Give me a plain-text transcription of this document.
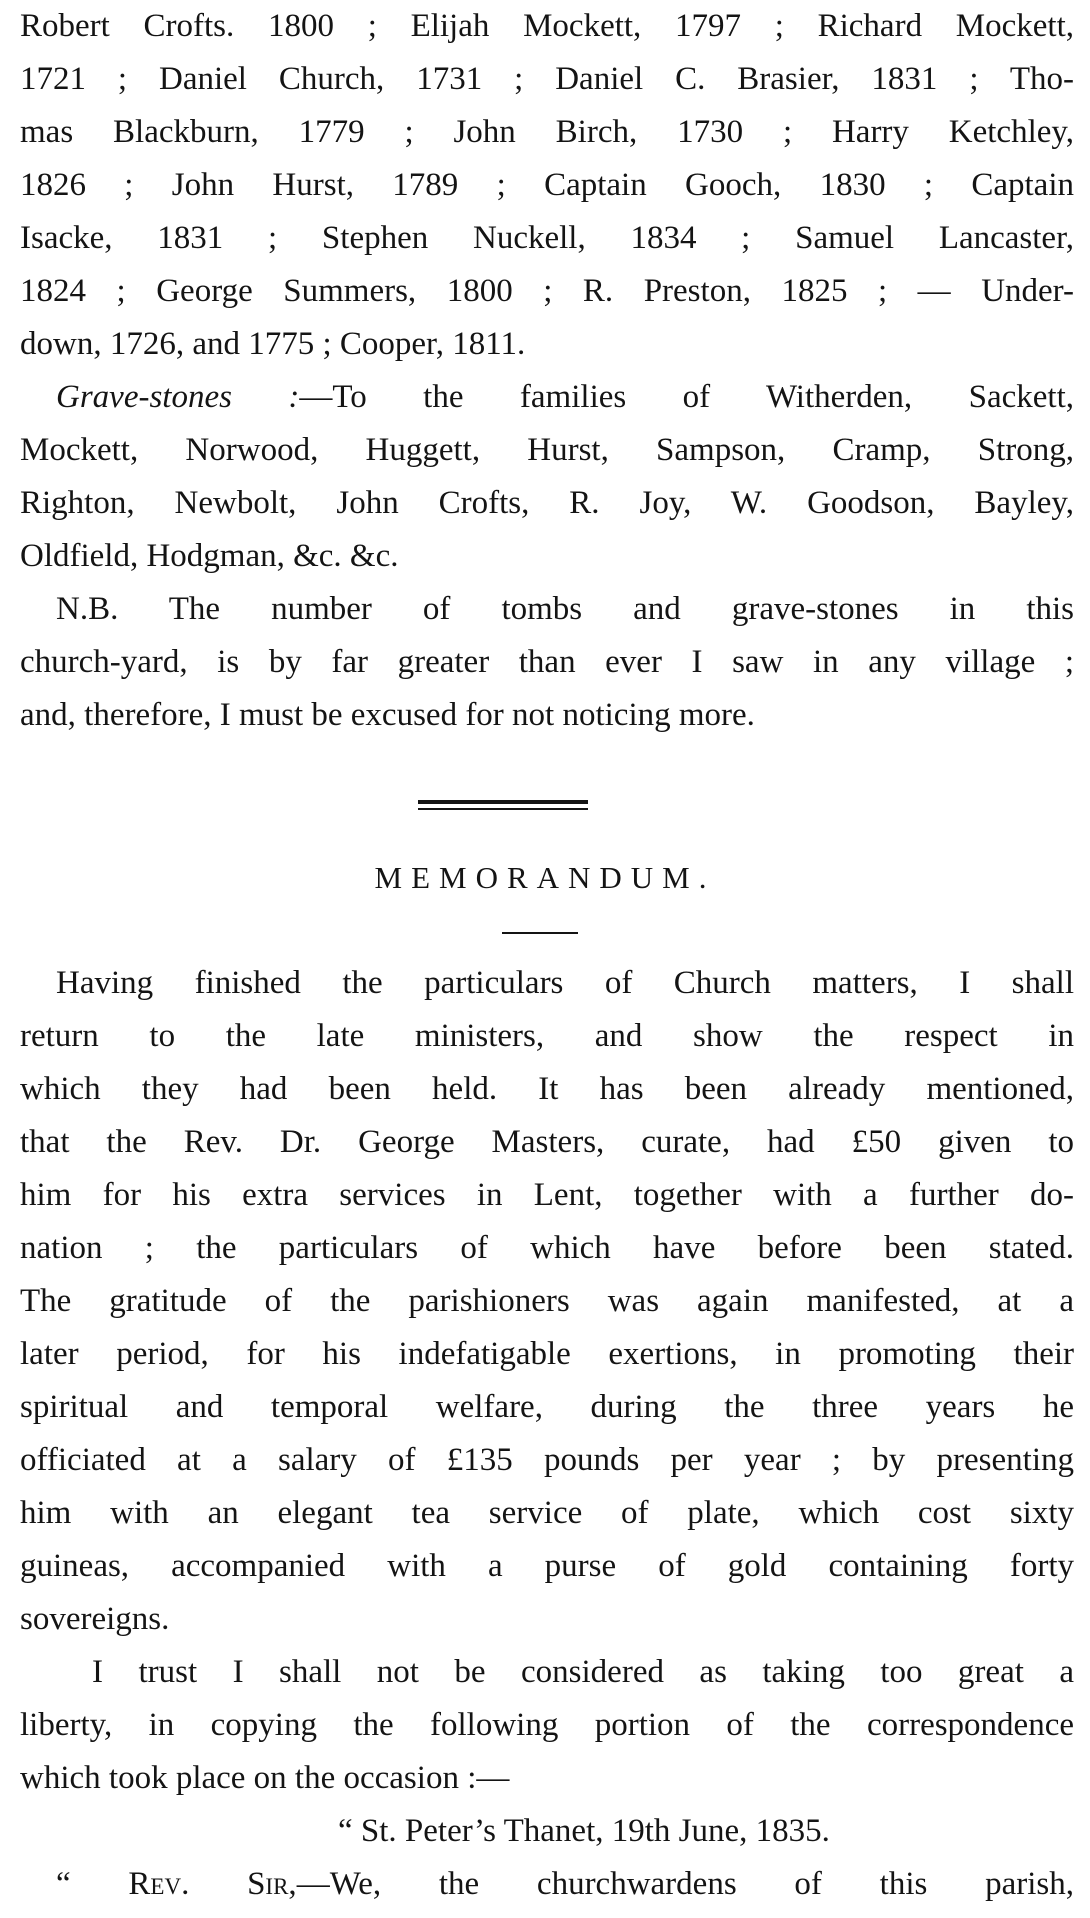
Robert Crofts. 1800 ; Elijah Mockett, 1797 ; Richard Mockett,
1721 ; Daniel Church, 1731 ; Daniel C. Brasier, 1831 ; Tho-
mas Blackburn, 1779 ; John Birch, 1730 ; Harry Ketchley,
1826 ; John Hurst, 1789 ; Captain Gooch, 1830 ; Captain
Isacke, 1831 ; Stephen Nuckell, 1834 ; Samuel Lancaster,
1824 ; George Summers, 1800 ; R. Preston, 1825 ; — Under-
down, 1726, and 1775 ; Cooper, 1811.
Grave-stones :—To the families of Witherden, Sackett,
Mockett, Norwood, Huggett, Hurst, Sampson, Cramp, Strong,
Righton, Newbolt, John Crofts, R. Joy, W. Goodson, Bayley,
Oldfield, Hodgman, &c. &c.
N.B. The number of tombs and grave-stones in this
church-yard, is by far greater than ever I saw in any village ;
and, therefore, I must be excused for not noticing more.
MEMORANDUM.
Having finished the particulars of Church matters, I shall
return to the late ministers, and show the respect in
which they had been held. It has been already mentioned,
that the Rev. Dr. George Masters, curate, had £50 given to
him for his extra services in Lent, together with a further do-
nation ; the particulars of which have before been stated.
The gratitude of the parishioners was again manifested, at a
later period, for his indefatigable exertions, in promoting their
spiritual and temporal welfare, during the three years he
officiated at a salary of £135 pounds per year ; by presenting
him with an elegant tea service of plate, which cost sixty
guineas, accompanied with a purse of gold containing forty
sovereigns.
I trust I shall not be considered as taking too great a
liberty, in copying the following portion of the correspondence
which took place on the occasion :—
“ St. Peter’s Thanet, 19th June, 1835.
“ Rev. Sir,—We, the churchwardens of this parish,
